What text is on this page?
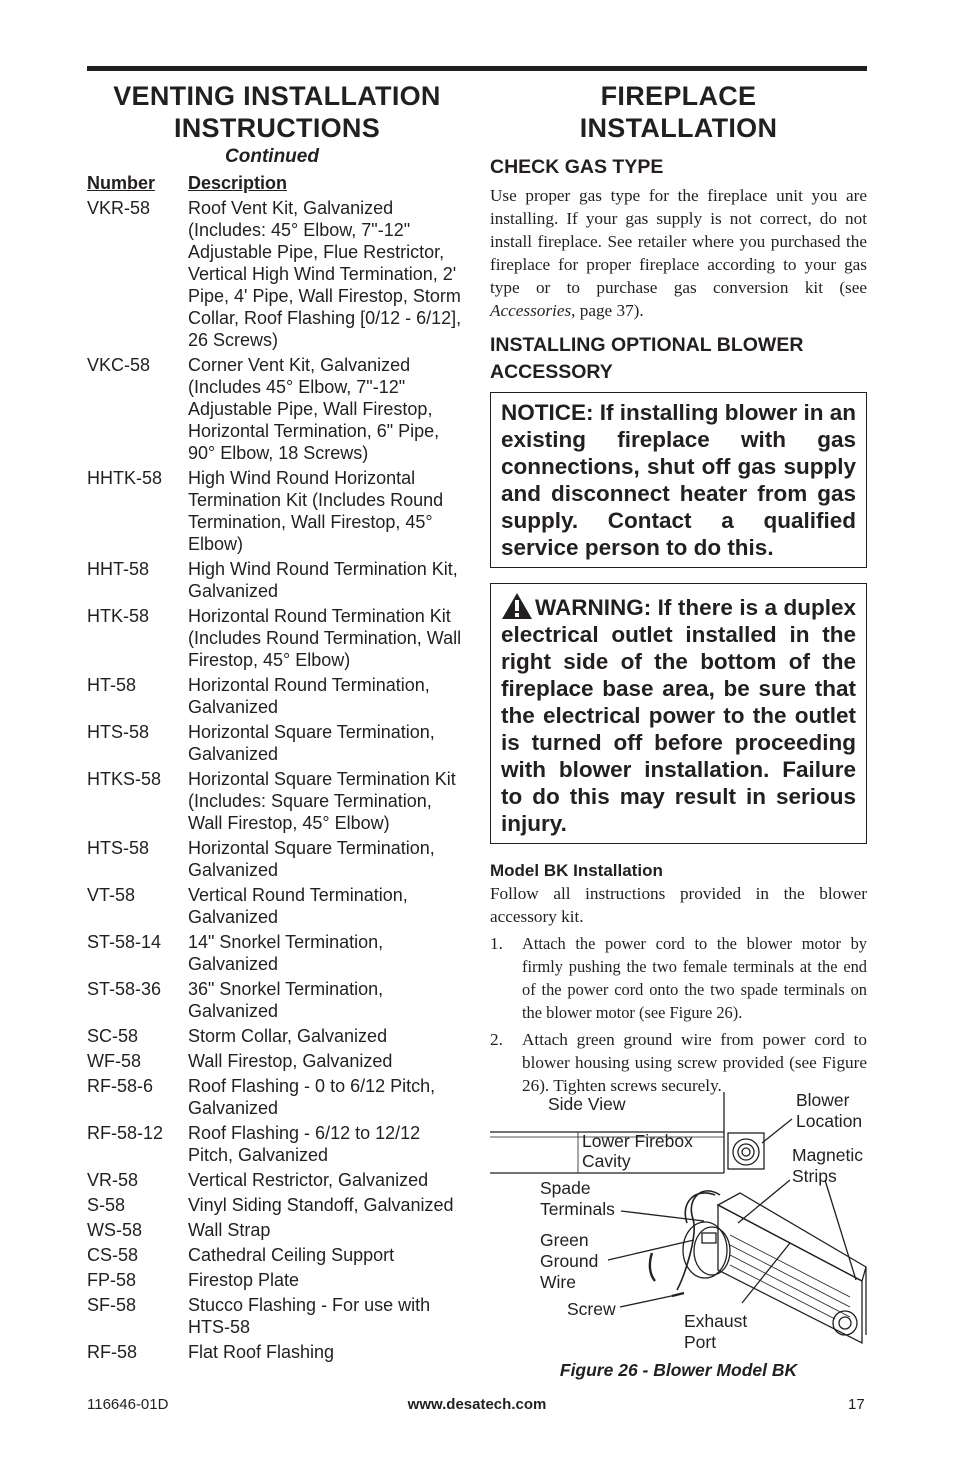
VENTING INSTALLATION
INSTRUCTIONS
Continued
Number	Description
VKR-58	Roof Vent Kit, Galvanized (Includes: 45° Elbow, 7"-12" Adjustable Pipe, Flue Restrictor, Vertical High Wind Termination, 2' Pipe, 4' Pipe, Wall Firestop, Storm Collar, Roof Flashing [0/12 - 6/12], 26 Screws)
VKC-58	Corner Vent Kit, Galvanized (Includes 45° Elbow, 7"-12" Adjustable Pipe, Wall Firestop, Horizontal Termination, 6" Pipe, 90° Elbow, 18 Screws)
HHTK-58	High Wind Round Horizontal Termination Kit (Includes Round Termination, Wall Firestop, 45° Elbow)
HHT-58	High Wind Round Termination Kit, Galvanized
HTK-58	Horizontal Round Termination Kit (Includes Round Termination, Wall Firestop, 45° Elbow)
HT-58	Horizontal Round Termination, Galvanized
HTS-58	Horizontal Square Termination, Galvanized
HTKS-58	Horizontal Square Termination Kit (Includes: Square Termination, Wall Firestop, 45° Elbow)
HTS-58	Horizontal Square Termination, Galvanized
VT-58	Vertical Round Termination, Galvanized
ST-58-14	14" Snorkel Termination, Galvanized
ST-58-36	36" Snorkel Termination, Galvanized
SC-58	Storm Collar, Galvanized
WF-58	Wall Firestop, Galvanized
RF-58-6	Roof Flashing - 0 to 6/12 Pitch, Galvanized
RF-58-12	Roof Flashing - 6/12 to 12/12 Pitch, Galvanized
VR-58	Vertical Restrictor, Galvanized
S-58	Vinyl Siding Standoff, Galvanized
WS-58	Wall Strap
CS-58	Cathedral Ceiling Support
FP-58	Firestop Plate
SF-58	Stucco Flashing - For use with HTS-58
RF-58	Flat Roof Flashing
FIREPLACE
INSTALLATION
CHECK GAS TYPE

Use proper gas type for the fireplace unit you are installing. If your gas supply is not correct, do not install fireplace. See retailer where you purchased the fireplace for proper fireplace according to your gas type or to purchase gas conversion kit (see Accessories, page 37).

INSTALLING OPTIONAL BLOWER ACCESSORY
NOTICE: If installing blower in an existing fireplace with gas connections, shut off gas supply and disconnect heater from gas supply. Contact a qualified service person to do this.
WARNING: If there is a duplex electrical outlet installed in the right side of the bottom of the fireplace base area, be sure that the electrical power to the outlet is turned off before proceeding with blower installation. Failure to do this may result in serious injury.
Model BK Installation

Follow all instructions provided in the blower accessory kit.

1.	Attach the power cord to the blower motor by firmly pushing the two female terminals at the end of the power cord onto the two spade terminals on the blower motor (see Figure 26).
2.	Attach green ground wire from power cord to blower housing using screw provided (see Figure 26). Tighten screws securely.
Side View	Blower
Location
Lower Firebox
Cavity	Magnetic
Strips
Spade
Terminals
Green
Ground
Wire
Screw
Exhaust
Port
Figure 26 - Blower Model BK
116646-01D	www.desatech.com	17
